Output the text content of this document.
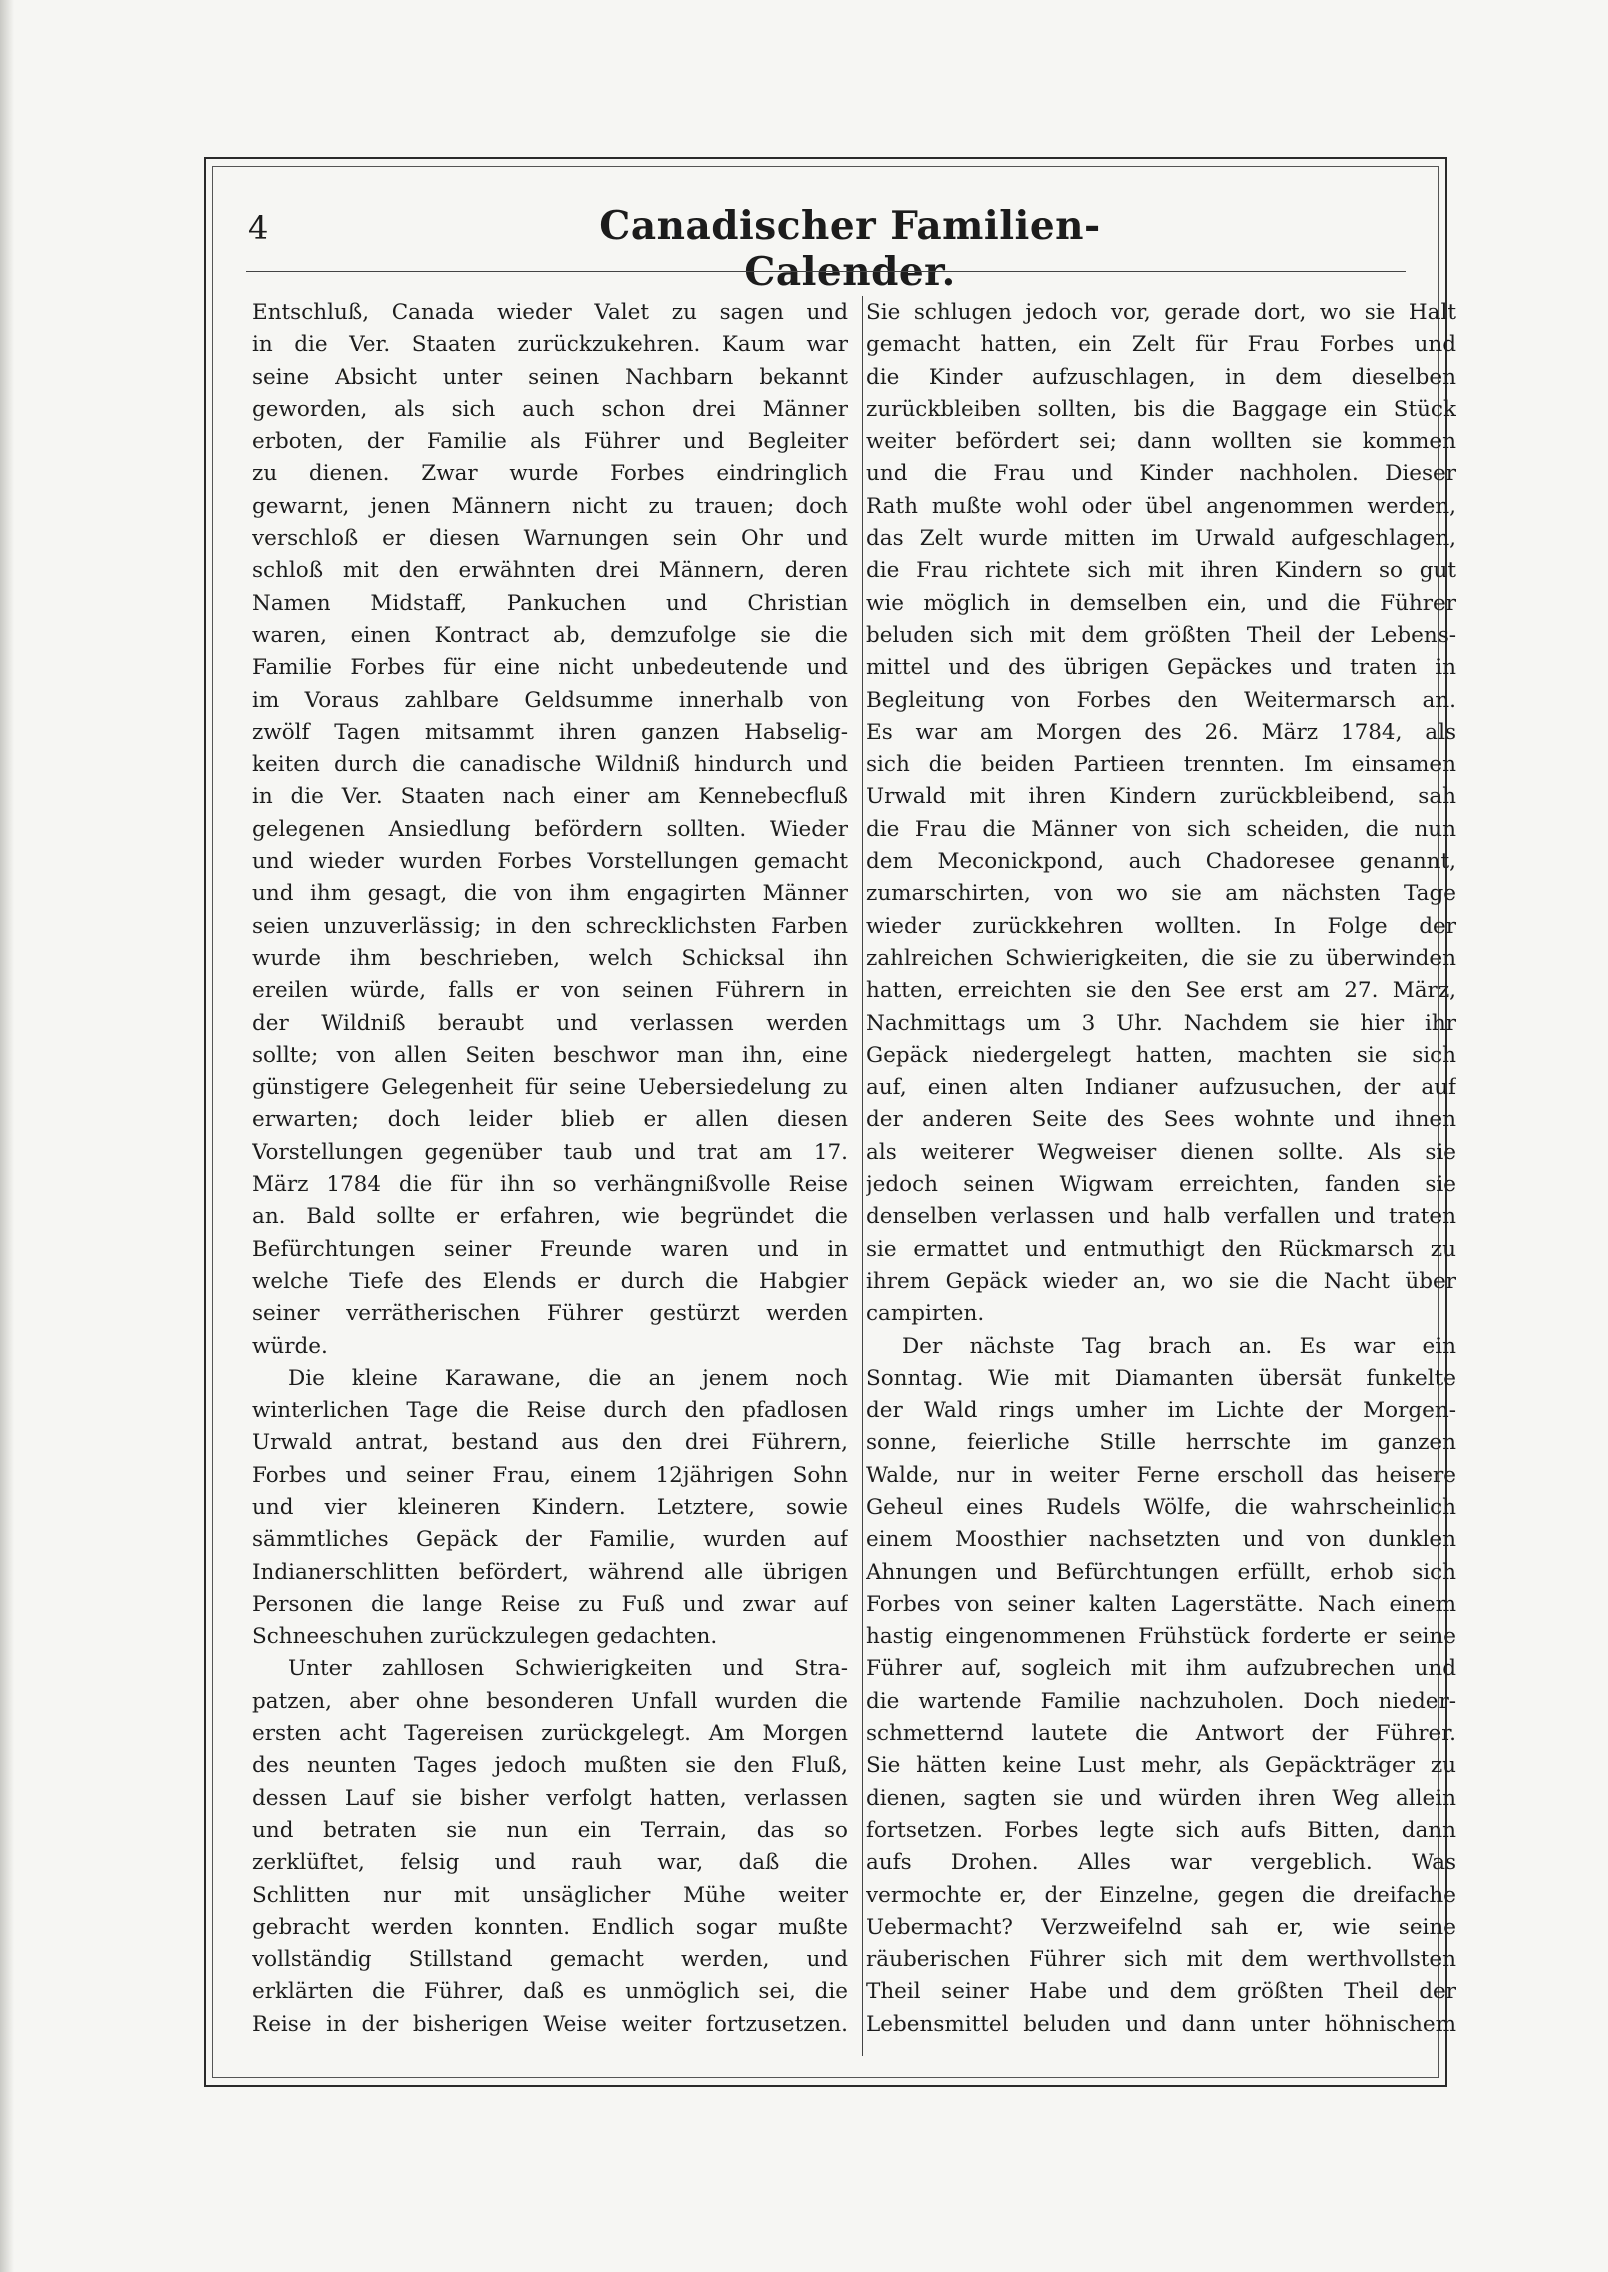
4	Canadischer Familien-Calender.
Entschluß, Canada wieder Valet zu sagen und
in die Ver. Staaten zurückzukehren. Kaum war
seine Absicht unter seinen Nachbarn bekannt
geworden, als sich auch schon drei Männer
erboten, der Familie als Führer und Begleiter
zu dienen. Zwar wurde Forbes eindringlich
gewarnt, jenen Männern nicht zu trauen; doch
verschloß er diesen Warnungen sein Ohr und
schloß mit den erwähnten drei Männern, deren
Namen Midstaff, Pankuchen und Christian
waren, einen Kontract ab, demzufolge sie die
Familie Forbes für eine nicht unbedeutende und
im Voraus zahlbare Geldsumme innerhalb von
zwölf Tagen mitsammt ihren ganzen Habselig-
keiten durch die canadische Wildniß hindurch und
in die Ver. Staaten nach einer am Kennebecfluß
gelegenen Ansiedlung befördern sollten. Wieder
und wieder wurden Forbes Vorstellungen gemacht
und ihm gesagt, die von ihm engagirten Männer
seien unzuverlässig; in den schrecklichsten Farben
wurde ihm beschrieben, welch Schicksal ihn
ereilen würde, falls er von seinen Führern in
der Wildniß beraubt und verlassen werden
sollte; von allen Seiten beschwor man ihn, eine
günstigere Gelegenheit für seine Uebersiedelung zu
erwarten; doch leider blieb er allen diesen
Vorstellungen gegenüber taub und trat am 17.
März 1784 die für ihn so verhängnißvolle Reise
an. Bald sollte er erfahren, wie begründet die
Befürchtungen seiner Freunde waren und in
welche Tiefe des Elends er durch die Habgier
seiner verrätherischen Führer gestürzt werden
würde.
Die kleine Karawane, die an jenem noch
winterlichen Tage die Reise durch den pfadlosen
Urwald antrat, bestand aus den drei Führern,
Forbes und seiner Frau, einem 12jährigen Sohn
und vier kleineren Kindern. Letztere, sowie
sämmtliches Gepäck der Familie, wurden auf
Indianerschlitten befördert, während alle übrigen
Personen die lange Reise zu Fuß und zwar auf
Schneeschuhen zurückzulegen gedachten.
Unter zahllosen Schwierigkeiten und Stra-
patzen, aber ohne besonderen Unfall wurden die
ersten acht Tagereisen zurückgelegt. Am Morgen
des neunten Tages jedoch mußten sie den Fluß,
dessen Lauf sie bisher verfolgt hatten, verlassen
und betraten sie nun ein Terrain, das so
zerklüftet, felsig und rauh war, daß die
Schlitten nur mit unsäglicher Mühe weiter
gebracht werden konnten. Endlich sogar mußte
vollständig Stillstand gemacht werden, und
erklärten die Führer, daß es unmöglich sei, die
Reise in der bisherigen Weise weiter fortzusetzen.
Sie schlugen jedoch vor, gerade dort, wo sie Halt
gemacht hatten, ein Zelt für Frau Forbes und
die Kinder aufzuschlagen, in dem dieselben
zurückbleiben sollten, bis die Baggage ein Stück
weiter befördert sei; dann wollten sie kommen
und die Frau und Kinder nachholen. Dieser
Rath mußte wohl oder übel angenommen werden,
das Zelt wurde mitten im Urwald aufgeschlagen,
die Frau richtete sich mit ihren Kindern so gut
wie möglich in demselben ein, und die Führer
beluden sich mit dem größten Theil der Lebens-
mittel und des übrigen Gepäckes und traten in
Begleitung von Forbes den Weitermarsch an.
Es war am Morgen des 26. März 1784, als
sich die beiden Partieen trennten. Im einsamen
Urwald mit ihren Kindern zurückbleibend, sah
die Frau die Männer von sich scheiden, die nun
dem Meconickpond, auch Chadoresee genannt,
zumarschirten, von wo sie am nächsten Tage
wieder zurückkehren wollten. In Folge der
zahlreichen Schwierigkeiten, die sie zu überwinden
hatten, erreichten sie den See erst am 27. März,
Nachmittags um 3 Uhr. Nachdem sie hier ihr
Gepäck niedergelegt hatten, machten sie sich
auf, einen alten Indianer aufzusuchen, der auf
der anderen Seite des Sees wohnte und ihnen
als weiterer Wegweiser dienen sollte. Als sie
jedoch seinen Wigwam erreichten, fanden sie
denselben verlassen und halb verfallen und traten
sie ermattet und entmuthigt den Rückmarsch zu
ihrem Gepäck wieder an, wo sie die Nacht über
campirten.
Der nächste Tag brach an. Es war ein
Sonntag. Wie mit Diamanten übersät funkelte
der Wald rings umher im Lichte der Morgen-
sonne, feierliche Stille herrschte im ganzen
Walde, nur in weiter Ferne erscholl das heisere
Geheul eines Rudels Wölfe, die wahrscheinlich
einem Moosthier nachsetzten und von dunklen
Ahnungen und Befürchtungen erfüllt, erhob sich
Forbes von seiner kalten Lagerstätte. Nach einem
hastig eingenommenen Frühstück forderte er seine
Führer auf, sogleich mit ihm aufzubrechen und
die wartende Familie nachzuholen. Doch nieder-
schmetternd lautete die Antwort der Führer.
Sie hätten keine Lust mehr, als Gepäckträger zu
dienen, sagten sie und würden ihren Weg allein
fortsetzen. Forbes legte sich aufs Bitten, dann
aufs Drohen. Alles war vergeblich. Was
vermochte er, der Einzelne, gegen die dreifache
Uebermacht? Verzweifelnd sah er, wie seine
räuberischen Führer sich mit dem werthvollsten
Theil seiner Habe und dem größten Theil der
Lebensmittel beluden und dann unter höhnischem
